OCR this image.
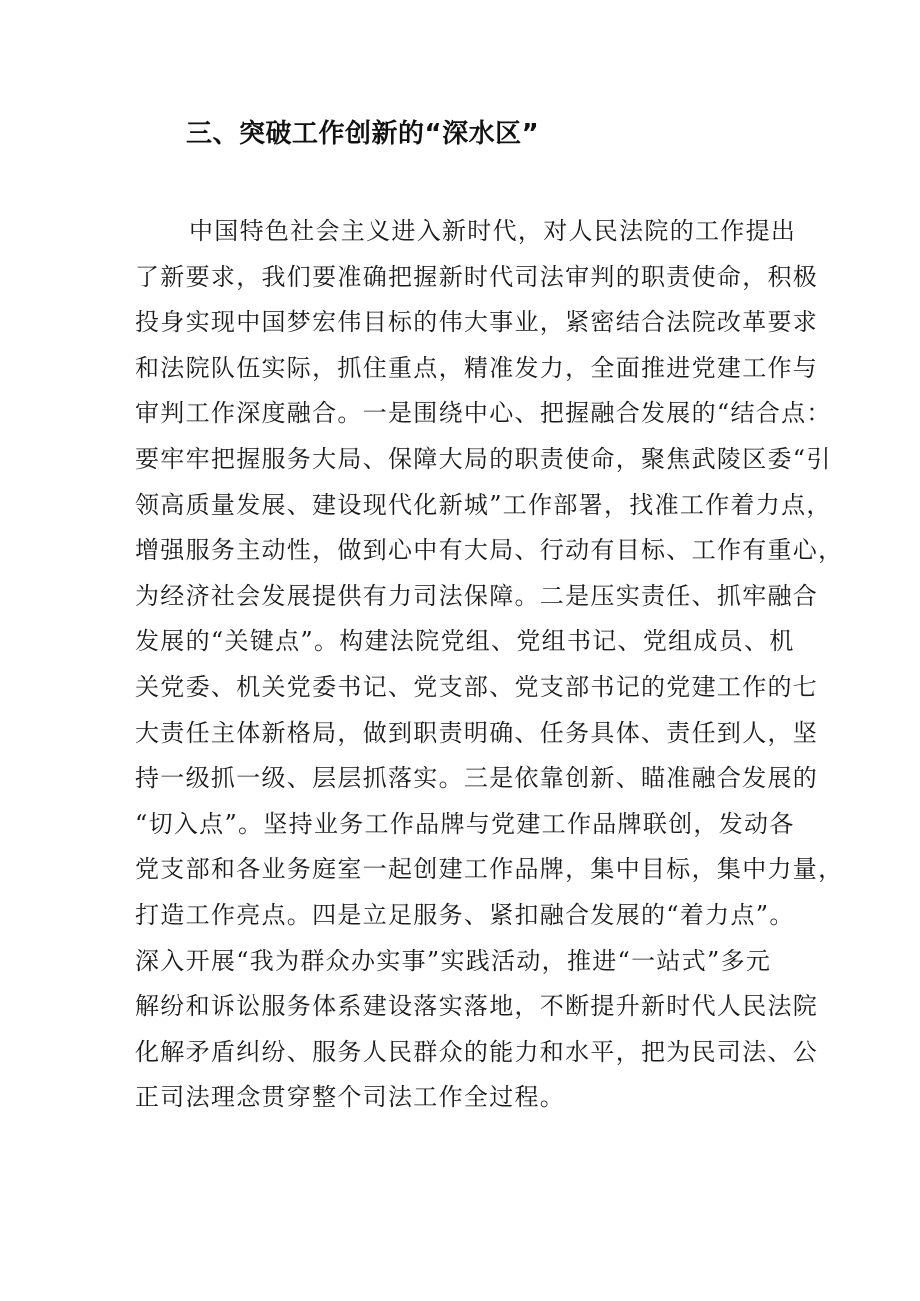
三、突破工作创新的“深水区”
中国特色社会主义进入新时代，对人民法院的工作提出
了新要求，我们要准确把握新时代司法审判的职责使命，积极
投身实现中国梦宏伟目标的伟大事业，紧密结合法院改革要求
和法院队伍实际，抓住重点，精准发力，全面推进党建工作与
审判工作深度融合。一是围绕中心、把握融合发展的“结合点：
要牢牢把握服务大局、保障大局的职责使命，聚焦武陵区委“引
领高质量发展、建设现代化新城”工作部署，找准工作着力点，
增强服务主动性，做到心中有大局、行动有目标、工作有重心，
为经济社会发展提供有力司法保障。二是压实责任、抓牢融合
发展的“关键点”。构建法院党组、党组书记、党组成员、机
关党委、机关党委书记、党支部、党支部书记的党建工作的七
大责任主体新格局，做到职责明确、任务具体、责任到人，坚
持一级抓一级、层层抓落实。三是依靠创新、瞄准融合发展的
“切入点”。坚持业务工作品牌与党建工作品牌联创，发动各
党支部和各业务庭室一起创建工作品牌，集中目标，集中力量，
打造工作亮点。四是立足服务、紧扣融合发展的“着力点”。
深入开展“我为群众办实事”实践活动，推进“一站式”多元
解纷和诉讼服务体系建设落实落地，不断提升新时代人民法院
化解矛盾纠纷、服务人民群众的能力和水平，把为民司法、公
正司法理念贯穿整个司法工作全过程。
